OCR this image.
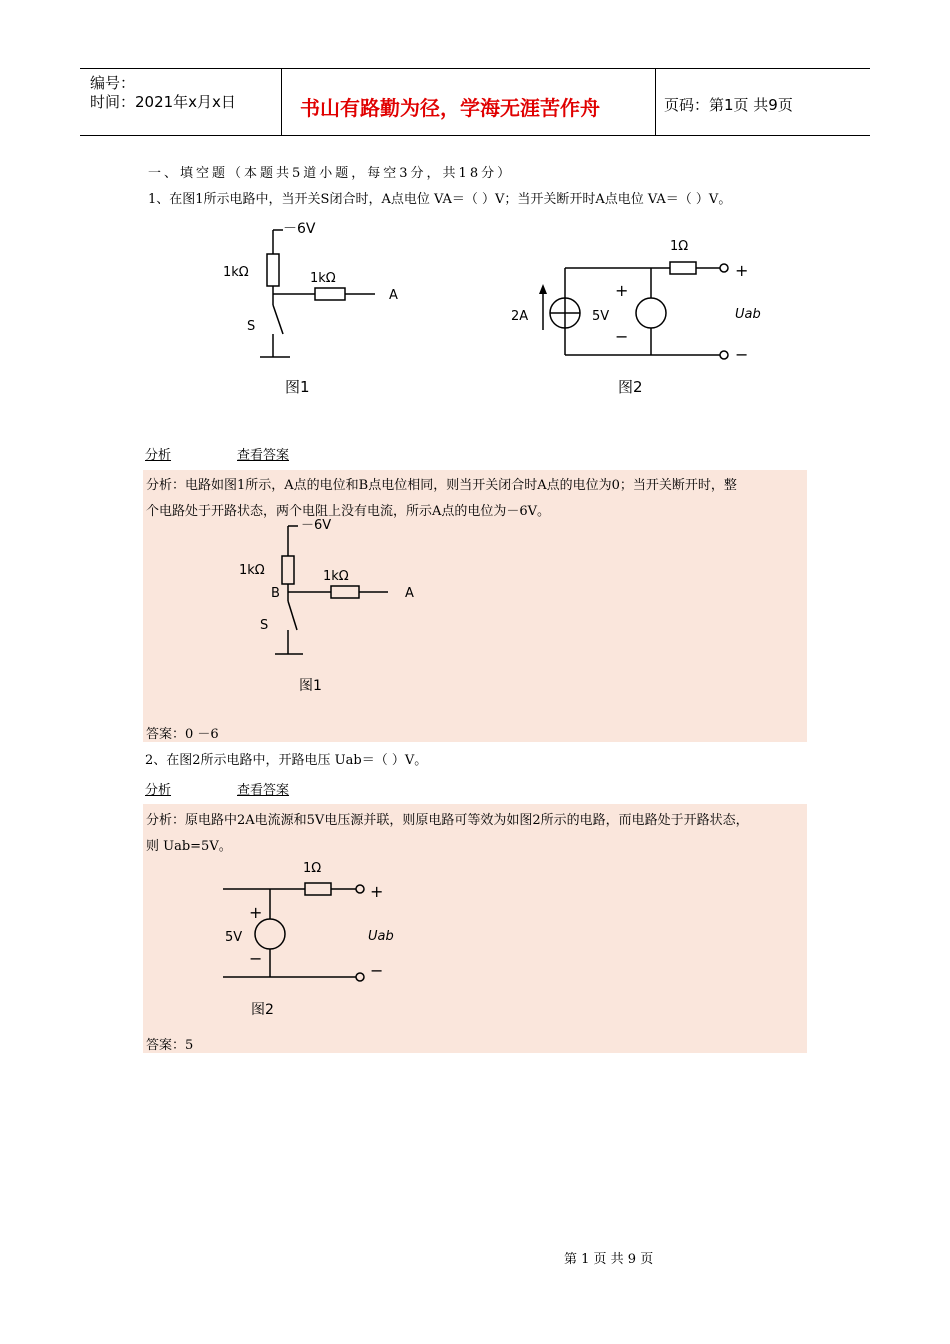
编号：
时间：2021年x月x日	书山有路勤为径，学海无涯苦作舟	页码：第1页 共9页
一、填空题（本题共5道小题，每空3分，共18分）
1、在图1所示电路中，当开关S闭合时，A点电位 VA＝（ ）V；当开关断开时A点电位 VA＝（ ）V。
－6V
1kΩ	1kΩ
A
S
图1
1Ω
2A	5V
+
−
+
−
Uab
图2
分析	查看答案
分析：电路如图1所示，A点的电位和B点电位相同，则当开关闭合时A点的电位为0；当开关断开时，整
个电路处于开路状态，两个电阻上没有电流，所示A点的电位为－6V。
－6V
1kΩ	1kΩ
B	A
S
图1
答案：0 －6
2、在图2所示电路中，开路电压 Uab＝（ ）V。
分析	查看答案
分析：原电路中2A电流源和5V电压源并联，则原电路可等效为如图2所示的电路，而电路处于开路状态，
则 Uab=5V。
1Ω
5V
+
−
+
−
Uab
图2
答案：5
第 1 页 共 9 页
